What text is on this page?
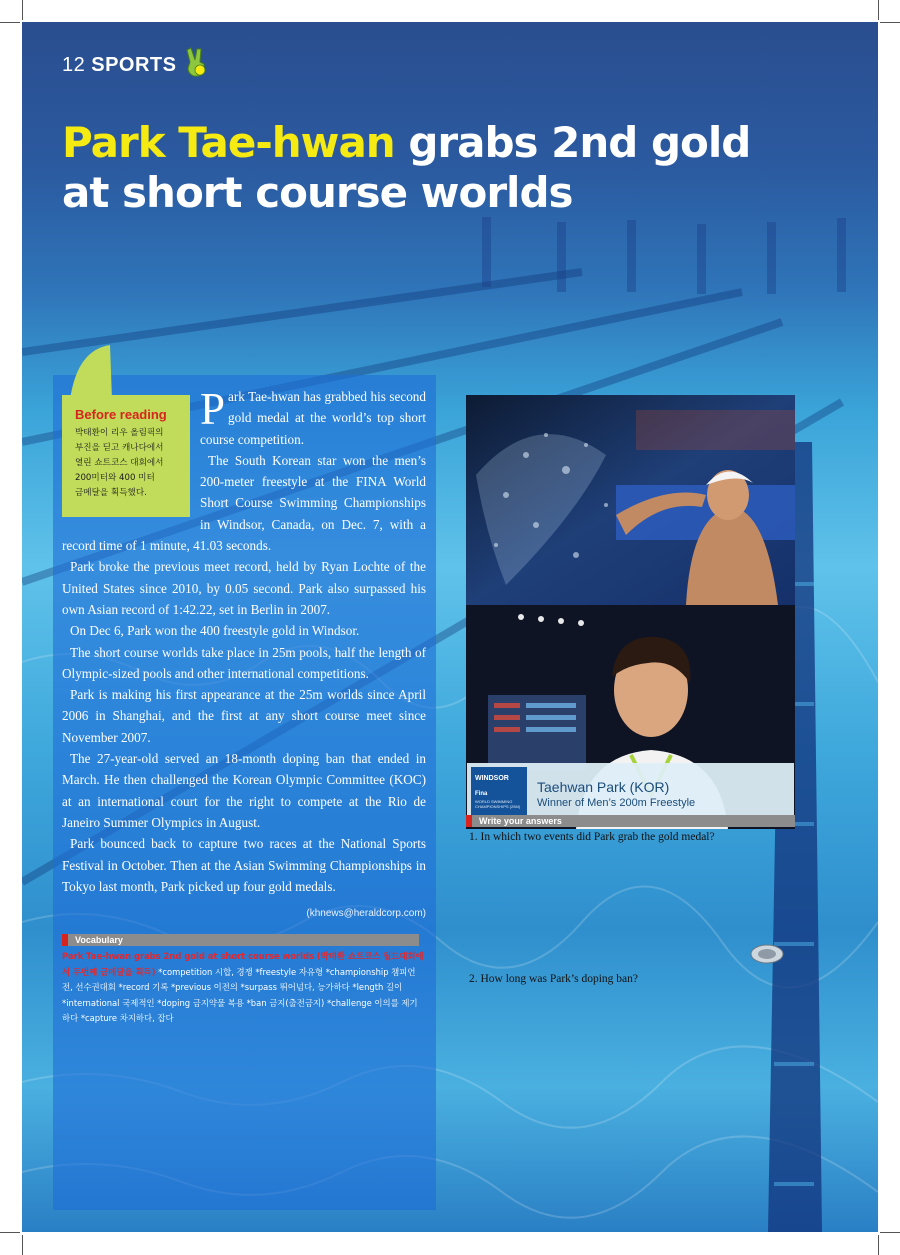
12 SPORTS
Park Tae-hwan grabs 2nd gold
at short course worlds
Before reading

박태환이 리우 올림픽의
부진을 딛고 캐나다에서
열린 쇼트코스 대회에서
200미터와 400 미터
금메달을 획득했다.

Park Tae-hwan has grabbed his second gold medal at the world’s top short course competition.

The South Korean star won the men’s 200-meter freestyle at the FINA World Short Course Swimming Championships in Windsor, Canada, on Dec. 7, with a record time of 1 minute, 41.03 seconds.

Park broke the previous meet record, held by Ryan Lochte of the United States since 2010, by 0.05 second. Park also surpassed his own Asian record of 1:42.22, set in Berlin in 2007.

On Dec 6, Park won the 400 freestyle gold in Windsor.

The short course worlds take place in 25m pools, half the length of Olympic-sized pools and other international competitions.

Park is making his first appearance at the 25m worlds since April 2006 in Shanghai, and the first at any short course meet since November 2007.

The 27-year-old served an 18-month doping ban that ended in March. He then challenged the Korean Olympic Committee (KOC) at an international court for the right to compete at the Rio de Janeiro Summer Olympics in August.

Park bounced back to capture two races at the National Sports Festival in October. Then at the Asian Swimming Championships in Tokyo last month, Park picked up four gold medals.

(khnews@heraldcorp.com)
Vocabulary
Park Tae-hwan grabs 2nd gold at short course worlds (박태환 쇼트코스 월드대회에서 두번째 금메달을 획득) *competition 시합, 경쟁 *freestyle 자유형 *championship 챔피언전, 선수권대회 *record 기록 *previous 이전의 *surpass 뛰어넘다, 능가하다 *length 길이 *international 국제적인 *doping 금지약물 복용 *ban 금지(출전금지) *challenge 이의를 제기하다 *capture 차지하다, 잡다
WINDSOR
Fina
WORLD SWIMMING CHAMPIONSHIPS (25M)
Taehwan Park (KOR)
Winner of Men’s 200m Freestyle
Write your answers
1. In which two events did Park grab the gold medal?
2. How long was Park’s doping ban?
